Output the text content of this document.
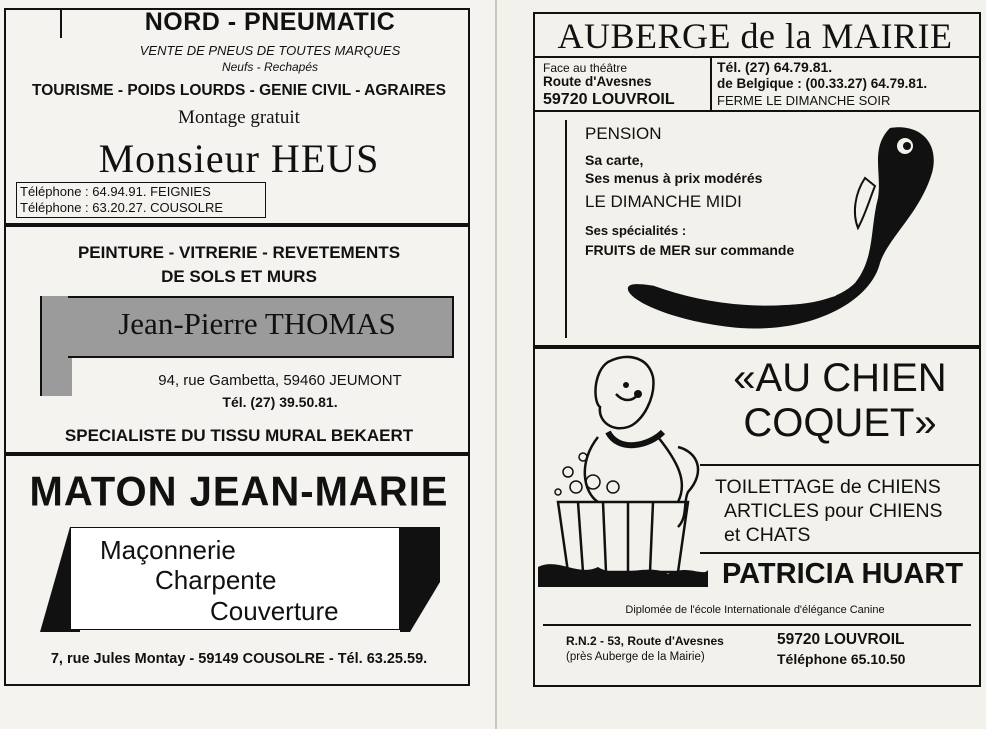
NORD - PNEUMATIC
VENTE DE PNEUS DE TOUTES MARQUES
Neufs - Rechapés
TOURISME - POIDS LOURDS - GENIE CIVIL - AGRAIRES
Montage gratuit
Monsieur HEUS
Téléphone : 64.94.91. FEIGNIES
Téléphone : 63.20.27. COUSOLRE
PEINTURE - VITRERIE - REVETEMENTS
DE SOLS ET MURS
Jean-Pierre THOMAS
94, rue Gambetta, 59460 JEUMONT
Tél. (27) 39.50.81.
SPECIALISTE DU TISSU MURAL BEKAERT
MATON JEAN-MARIE
Maçonnerie
Charpente
Couverture
7, rue Jules Montay - 59149 COUSOLRE - Tél. 63.25.59.
AUBERGE de la MAIRIE
Face au théâtre
Route d'Avesnes
59720 LOUVROIL
Tél. (27) 64.79.81.
de Belgique : (00.33.27) 64.79.81.
FERME LE DIMANCHE SOIR
PENSION
Sa carte,
Ses menus à prix modérés
LE DIMANCHE MIDI
Ses spécialités :
FRUITS de MER sur commande
«AU CHIEN
COQUET»
TOILETTAGE de CHIENS
ARTICLES pour CHIENS
et CHATS
PATRICIA HUART
Diplomée de l'école Internationale d'élégance Canine
R.N.2 - 53, Route d'Avesnes
(près Auberge de la Mairie)
59720 LOUVROIL
Téléphone 65.10.50
